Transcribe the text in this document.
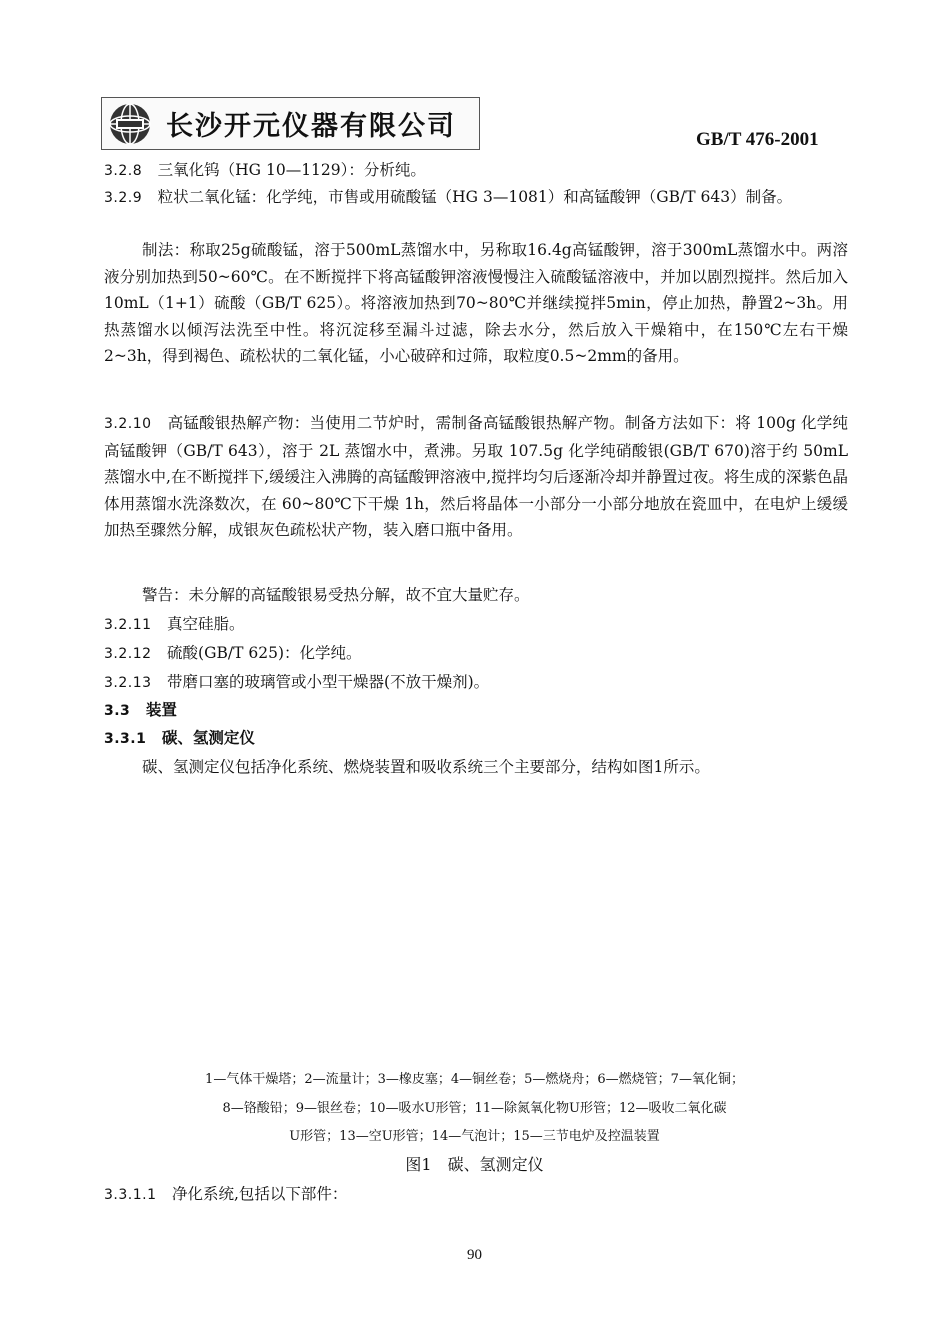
长沙开元仪器有限公司	GB/T 476-2001

3.2.8　 三氧化钨（HG 10—1129）：分析纯。

3.2.9　 粒状二氧化锰：化学纯，市售或用硫酸锰（HG 3—1081）和高锰酸钾（GB/T 643）制备。

制法：称取25g硫酸锰，溶于500mL蒸馏水中，另称取16.4g高锰酸钾，溶于300mL蒸馏水中。两溶液分别加热到50~60℃。在不断搅拌下将高锰酸钾溶液慢慢注入硫酸锰溶液中，并加以剧烈搅拌。然后加入10mL（1+1）硫酸（GB/T 625）。将溶液加热到70~80℃并继续搅拌5min，停止加热，静置2~3h。用热蒸馏水以倾泻法洗至中性。将沉淀移至漏斗过滤，除去水分，然后放入干燥箱中，在150℃左右干燥2~3h，得到褐色、疏松状的二氧化锰，小心破碎和过筛，取粒度0.5~2mm的备用。

3.2.10　 高锰酸银热解产物：当使用二节炉时，需制备高锰酸银热解产物。制备方法如下：将 100g 化学纯高锰酸钾（GB/T 643），溶于 2L 蒸馏水中，煮沸。另取 107.5g 化学纯硝酸银(GB/T 670)溶于约 50mL 蒸馏水中,在不断搅拌下,缓缓注入沸腾的高锰酸钾溶液中,搅拌均匀后逐渐冷却并静置过夜。将生成的深紫色晶体用蒸馏水洗涤数次，在 60~80℃下干燥 1h，然后将晶体一小部分一小部分地放在瓷皿中，在电炉上缓缓加热至骤然分解，成银灰色疏松状产物，装入磨口瓶中备用。

警告：未分解的高锰酸银易受热分解，故不宜大量贮存。

3.2.11　 真空硅脂。

3.2.12　 硫酸(GB/T 625)：化学纯。

3.2.13　 带磨口塞的玻璃管或小型干燥器(不放干燥剂)。

3.3　 装置

3.3.1　 碳、氢测定仪

碳、氢测定仪包括净化系统、燃烧装置和吸收系统三个主要部分，结构如图1所示。

1—气体干燥塔；2—流量计；3—橡皮塞；4—铜丝卷；5—燃烧舟；6—燃烧管；7—氧化铜；
8—铬酸铅；9—银丝卷；10—吸水U形管；11—除氮氧化物U形管；12—吸收二氧化碳
U形管；13—空U形管；14—气泡计；15—三节电炉及控温装置
图1　碳、氢测定仪

3.3.1.1　 净化系统,包括以下部件：

90
